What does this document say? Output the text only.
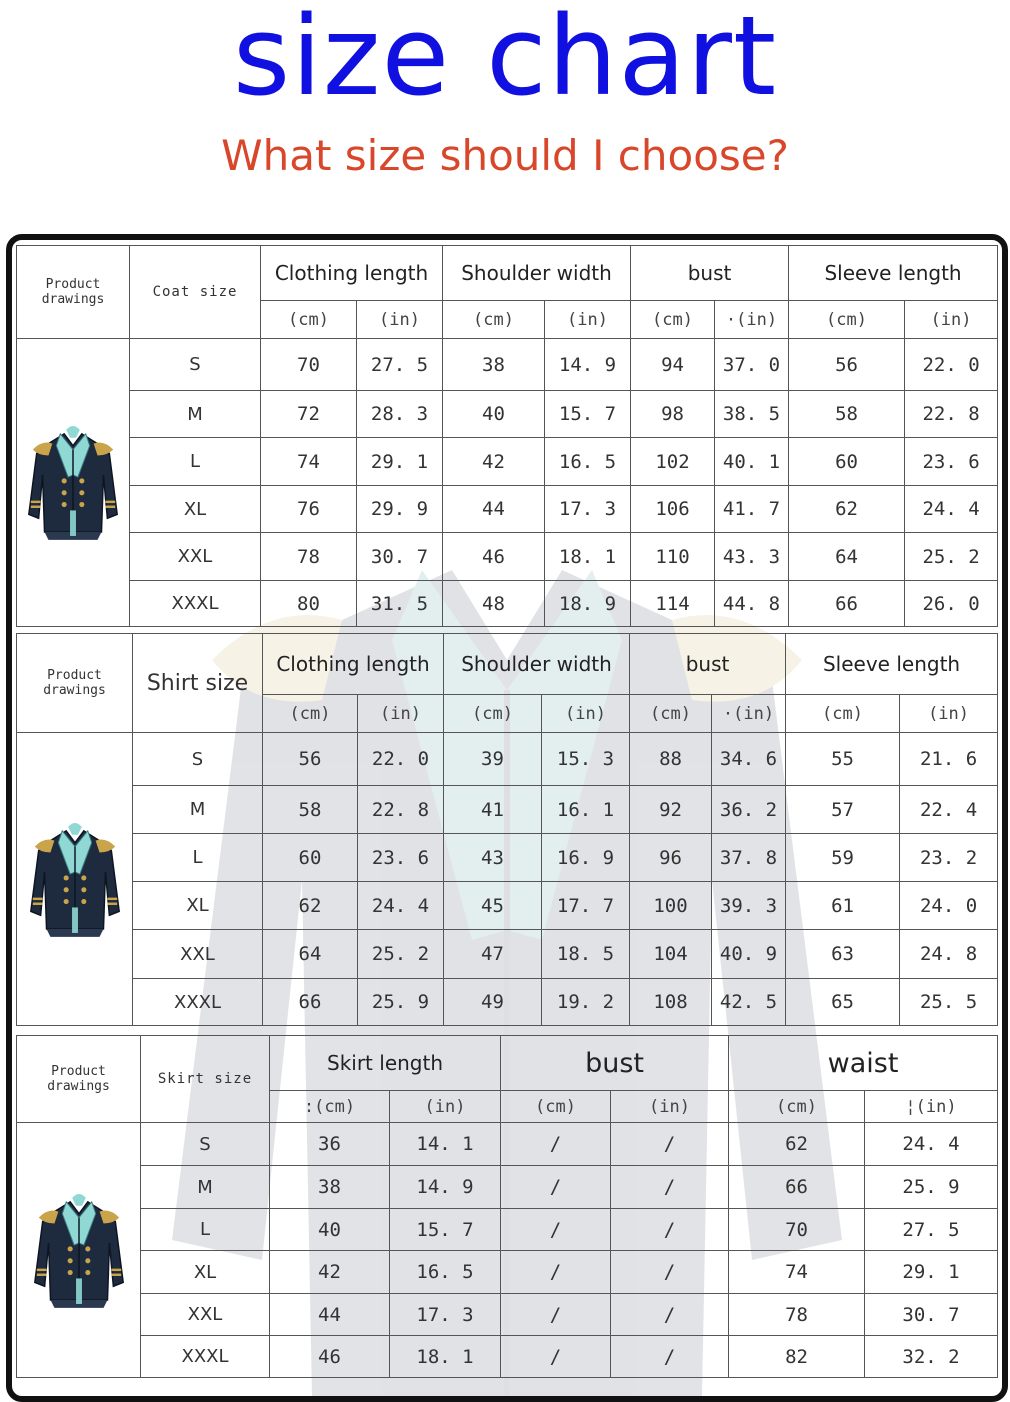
size chart
What size should I choose?
Product drawings	Coat size	Clothing length		Shoulder width		bust		Sleeve length	
		(cm)	(in)	(cm)	(in)	(cm)	·(in)	(cm)	(in)
	S	70	27. 5	38	14. 9	94	37. 0	56	22. 0
	M	72	28. 3	40	15. 7	98	38. 5	58	22. 8
	L	74	29. 1	42	16. 5	102	40. 1	60	23. 6
	XL	76	29. 9	44	17. 3	106	41. 7	62	24. 4
	XXL	78	30. 7	46	18. 1	110	43. 3	64	25. 2
	XXXL	80	31. 5	48	18. 9	114	44. 8	66	26. 0
Product drawings	Shirt size	Clothing length		Shoulder width		bust		Sleeve length	
		(cm)	(in)	(cm)	(in)	(cm)	·(in)	(cm)	(in)
	S	56	22. 0	39	15. 3	88	34. 6	55	21. 6
	M	58	22. 8	41	16. 1	92	36. 2	57	22. 4
	L	60	23. 6	43	16. 9	96	37. 8	59	23. 2
	XL	62	24. 4	45	17. 7	100	39. 3	61	24. 0
	XXL	64	25. 2	47	18. 5	104	40. 9	63	24. 8
	XXXL	66	25. 9	49	19. 2	108	42. 5	65	25. 5
Product drawings	Skirt size	Skirt length		bust		waist	
		:(cm)	(in)	(cm)	(in)	(cm)	¦(in)
	S	36	14. 1	/	/	62	24. 4
	M	38	14. 9	/	/	66	25. 9
	L	40	15. 7	/	/	70	27. 5
	XL	42	16. 5	/	/	74	29. 1
	XXL	44	17. 3	/	/	78	30. 7
	XXXL	46	18. 1	/	/	82	32. 2
